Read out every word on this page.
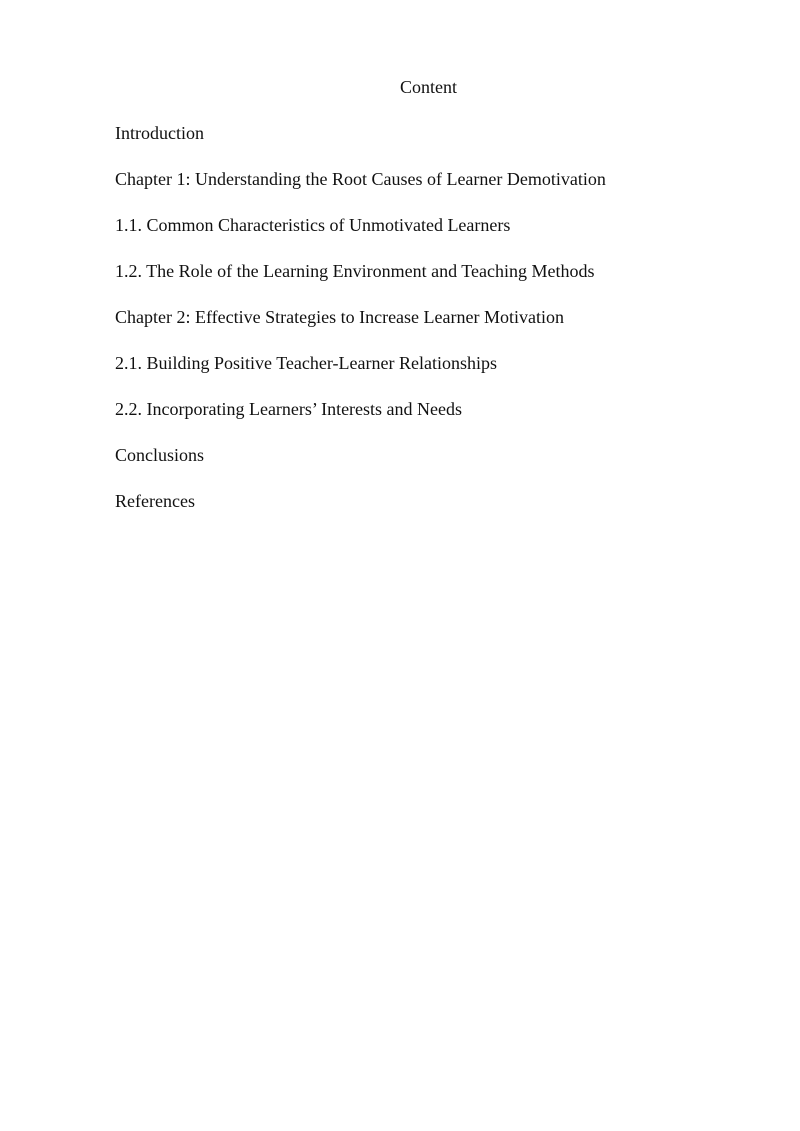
Content
Introduction
Chapter 1: Understanding the Root Causes of Learner Demotivation
1.1. Common Characteristics of Unmotivated Learners
1.2. The Role of the Learning Environment and Teaching Methods
Chapter 2: Effective Strategies to Increase Learner Motivation
2.1. Building Positive Teacher-Learner Relationships
2.2. Incorporating Learners’ Interests and Needs
Conclusions
References
